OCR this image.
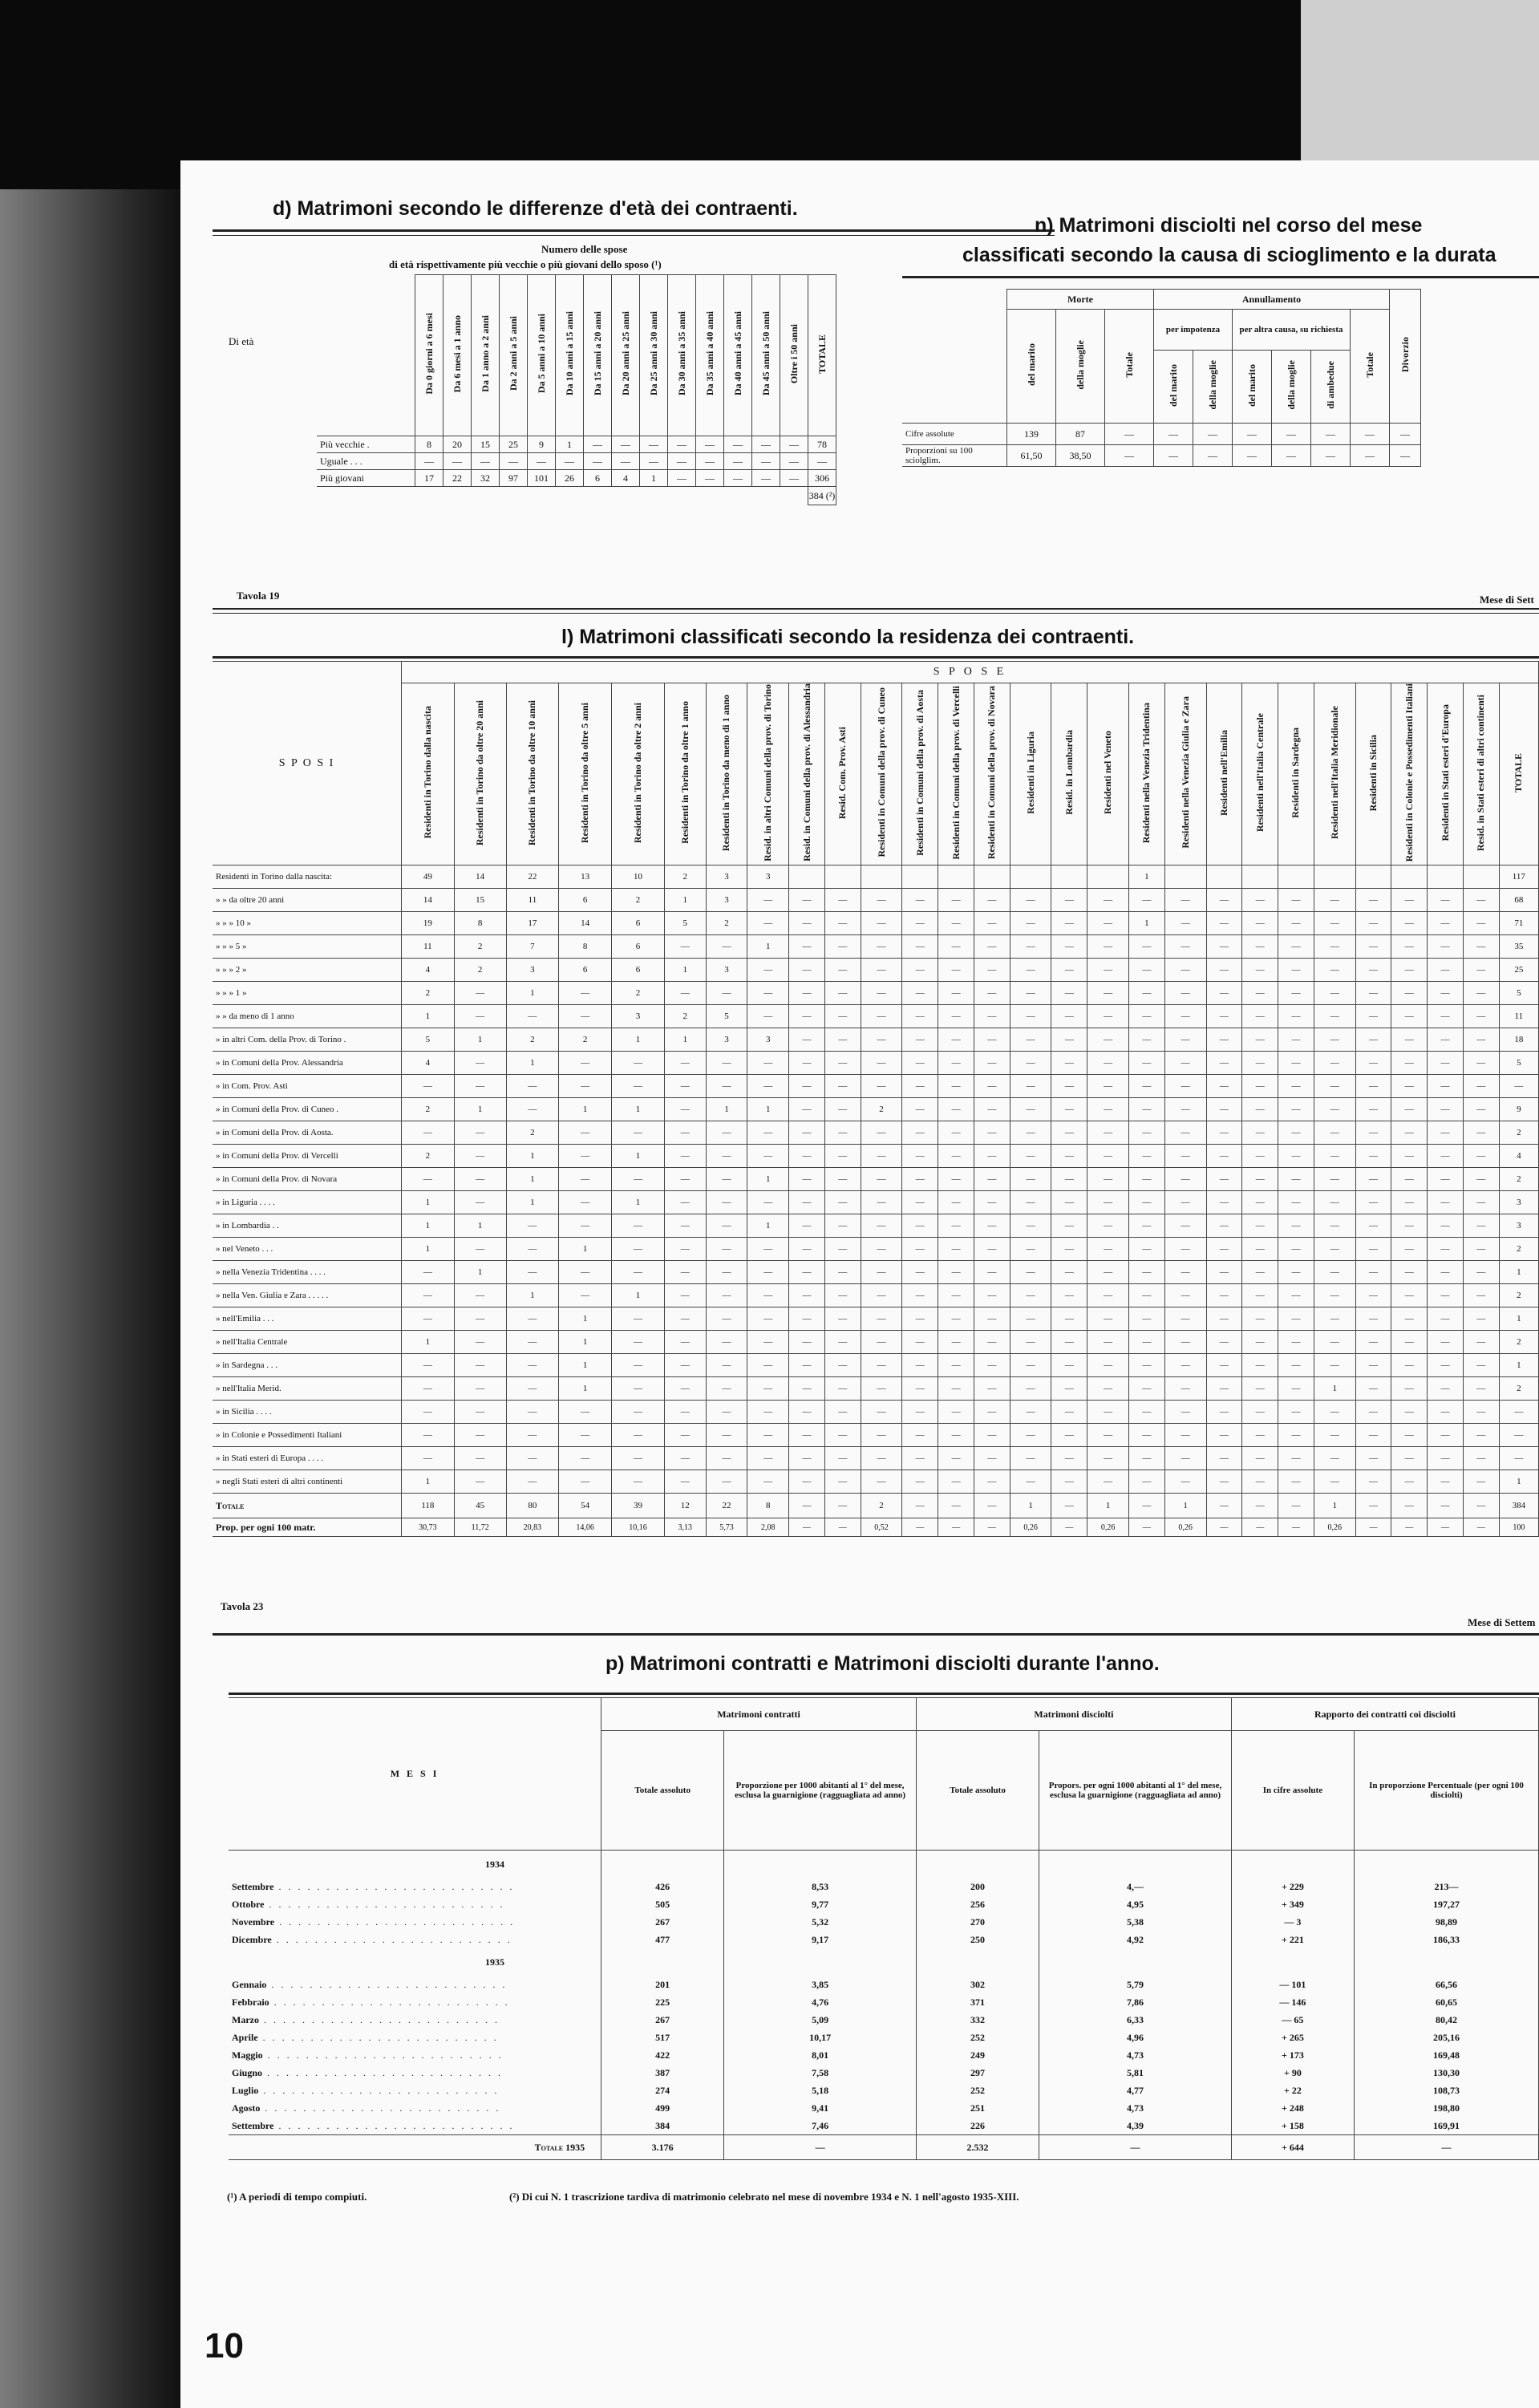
d) Matrimoni secondo le differenze d'età dei contraenti.
Numero delle spose
di età rispettivamente più vecchie o più giovani dello sposo (¹)
Di età
		Da 0 giorni a 6 mesi	Da 6 mesi a 1 anno	Da 1 anno a 2 anni	Da 2 anni a 5 anni	Da 5 anni a 10 anni	Da 10 anni a 15 anni	Da 15 anni a 20 anni	Da 20 anni a 25 anni	Da 25 anni a 30 anni	Da 30 anni a 35 anni	Da 35 anni a 40 anni	Da 40 anni a 45 anni	Da 45 anni a 50 anni	Oltre i 50 anni	TOTALE
Più vecchie .	8	20	15	25	9	1	—	—	—	—	—	—	—	—	78
Uguale . . .	—	—	—	—	—	—	—	—	—	—	—	—	—	—	—
Più giovani	17	22	32	97	101	26	6	4	1	—	—	—	—	—	306
															384 (²)
n) Matrimoni disciolti nel corso del mese
classificati secondo la causa di scioglimento e la durata
	Morte			Annullamento						Divorzio
	del marito	della moglie	Totale	per impotenza		per altra causa, su richiesta			Totale	
				del marito	della moglie	del marito	della moglie	di ambedue		
Cifre assolute	139	87	—	—	—	—	—	—	—	—
Proporzioni su 100 sciolglim.	61,50	38,50	—	—	—	—	—	—	—	—
Tavola 19	Mese di Sett
l) Matrimoni classificati secondo la residenza dei contraenti.
S P O S I	S P O S E																											
	Residenti in Torino dalla nascita	Residenti in Torino da oltre 20 anni	Residenti in Torino da oltre 10 anni	Residenti in Torino da oltre 5 anni	Residenti in Torino da oltre 2 anni	Residenti in Torino da oltre 1 anno	Residenti in Torino da meno di 1 anno	Resid. in altri Comuni della prov. di Torino	Resid. in Comuni della prov. di Alessandria	Resid. Com. Prov. Asti	Residenti in Comuni della prov. di Cuneo	Residenti in Comuni della prov. di Aosta	Residenti in Comuni della prov. di Vercelli	Residenti in Comuni della prov. di Novara	Residenti in Liguria	Resid. in Lombardia	Residenti nel Veneto	Residenti nella Venezia Tridentina	Residenti nella Venezia Giulia e Zara	Residenti nell'Emilia	Residenti nell'Italia Centrale	Residenti in Sardegna	Residenti nell'Italia Meridionale	Residenti in Sicilia	Residenti in Colonie e Possedimenti Italiani	Residenti in Stati esteri d'Europa	Resid. in Stati esteri di altri continenti	TOTALE
Residenti in Torino dalla nascita:	49	14	22	13	10	2	3	3										1										117
» » da oltre 20 anni	14	15	11	6	2	1	3	—	—	—	—	—	—	—	—	—	—	—	—	—	—	—	—	—	—	—	—	68
» » » 10 »	19	8	17	14	6	5	2	—	—	—	—	—	—	—	—	—	—	1	—	—	—	—	—	—	—	—	—	71
» » » 5 »	11	2	7	8	6	—	—	1	—	—	—	—	—	—	—	—	—	—	—	—	—	—	—	—	—	—	—	35
» » » 2 »	4	2	3	6	6	1	3	—	—	—	—	—	—	—	—	—	—	—	—	—	—	—	—	—	—	—	—	25
» » » 1 »	2	—	1	—	2	—	—	—	—	—	—	—	—	—	—	—	—	—	—	—	—	—	—	—	—	—	—	5
» » da meno di 1 anno	1	—	—	—	3	2	5	—	—	—	—	—	—	—	—	—	—	—	—	—	—	—	—	—	—	—	—	11
» in altri Com. della Prov. di Torino .	5	1	2	2	1	1	3	3	—	—	—	—	—	—	—	—	—	—	—	—	—	—	—	—	—	—	—	18
» in Comuni della Prov. Alessandria	4	—	1	—	—	—	—	—	—	—	—	—	—	—	—	—	—	—	—	—	—	—	—	—	—	—	—	5
» in Com. Prov. Asti	—	—	—	—	—	—	—	—	—	—	—	—	—	—	—	—	—	—	—	—	—	—	—	—	—	—	—	—
» in Comuni della Prov. di Cuneo .	2	1	—	1	1	—	1	1	—	—	2	—	—	—	—	—	—	—	—	—	—	—	—	—	—	—	—	9
» in Comuni della Prov. di Aosta.	—	—	2	—	—	—	—	—	—	—	—	—	—	—	—	—	—	—	—	—	—	—	—	—	—	—	—	2
» in Comuni della Prov. di Vercelli	2	—	1	—	1	—	—	—	—	—	—	—	—	—	—	—	—	—	—	—	—	—	—	—	—	—	—	4
» in Comuni della Prov. di Novara	—	—	1	—	—	—	—	1	—	—	—	—	—	—	—	—	—	—	—	—	—	—	—	—	—	—	—	2
» in Liguria . . . .	1	—	1	—	1	—	—	—	—	—	—	—	—	—	—	—	—	—	—	—	—	—	—	—	—	—	—	3
» in Lombardia . .	1	1	—	—	—	—	—	1	—	—	—	—	—	—	—	—	—	—	—	—	—	—	—	—	—	—	—	3
» nel Veneto . . .	1	—	—	1	—	—	—	—	—	—	—	—	—	—	—	—	—	—	—	—	—	—	—	—	—	—	—	2
» nella Venezia Tridentina . . . .	—	1	—	—	—	—	—	—	—	—	—	—	—	—	—	—	—	—	—	—	—	—	—	—	—	—	—	1
» nella Ven. Giulia e Zara . . . . .	—	—	1	—	1	—	—	—	—	—	—	—	—	—	—	—	—	—	—	—	—	—	—	—	—	—	—	2
» nell'Emilia . . .	—	—	—	1	—	—	—	—	—	—	—	—	—	—	—	—	—	—	—	—	—	—	—	—	—	—	—	1
» nell'Italia Centrale	1	—	—	1	—	—	—	—	—	—	—	—	—	—	—	—	—	—	—	—	—	—	—	—	—	—	—	2
» in Sardegna . . .	—	—	—	1	—	—	—	—	—	—	—	—	—	—	—	—	—	—	—	—	—	—	—	—	—	—	—	1
» nell'Italia Merid.	—	—	—	1	—	—	—	—	—	—	—	—	—	—	—	—	—	—	—	—	—	—	1	—	—	—	—	2
» in Sicilia . . . .	—	—	—	—	—	—	—	—	—	—	—	—	—	—	—	—	—	—	—	—	—	—	—	—	—	—	—	—
» in Colonie e Possedimenti Italiani	—	—	—	—	—	—	—	—	—	—	—	—	—	—	—	—	—	—	—	—	—	—	—	—	—	—	—	—
» in Stati esteri di Europa . . . .	—	—	—	—	—	—	—	—	—	—	—	—	—	—	—	—	—	—	—	—	—	—	—	—	—	—	—	—
» negli Stati esteri di altri continenti	1	—	—	—	—	—	—	—	—	—	—	—	—	—	—	—	—	—	—	—	—	—	—	—	—	—	—	1
Totale	118	45	80	54	39	12	22	8	—	—	2	—	—	—	1	—	1	—	1	—	—	—	1	—	—	—	—	384
Prop. per ogni 100 matr.	30,73	11,72	20,83	14,06	10,16	3,13	5,73	2,08	—	—	0,52	—	—	—	0,26	—	0,26	—	0,26	—	—	—	0,26	—	—	—	—	100
Tavola 23
Mese di Settem
p) Matrimoni contratti e Matrimoni disciolti durante l'anno.
M E S I	Matrimoni contratti		Matrimoni disciolti		Rapporto dei contratti coi disciolti	
	Totale assoluto	Proporzione per 1000 abitanti al 1° del mese, esclusa la guarnigione (ragguagliata ad anno)	Totale assoluto	Propors. per ogni 1000 abitanti al 1° del mese, esclusa la guarnigione (ragguagliata ad anno)	In cifre assolute	In proporzione Percentuale (per ogni 100 disciolti)
1934						
Settembre . . . . . . . . . . . . . . . . . . . . . . . . .	426	8,53	200	4,—	+ 229	213—
Ottobre . . . . . . . . . . . . . . . . . . . . . . . . .	505	9,77	256	4,95	+ 349	197,27
Novembre . . . . . . . . . . . . . . . . . . . . . . . . .	267	5,32	270	5,38	— 3	98,89
Dicembre . . . . . . . . . . . . . . . . . . . . . . . . .	477	9,17	250	4,92	+ 221	186,33
1935						
Gennaio . . . . . . . . . . . . . . . . . . . . . . . . .	201	3,85	302	5,79	— 101	66,56
Febbraio . . . . . . . . . . . . . . . . . . . . . . . . .	225	4,76	371	7,86	— 146	60,65
Marzo . . . . . . . . . . . . . . . . . . . . . . . . .	267	5,09	332	6,33	— 65	80,42
Aprile . . . . . . . . . . . . . . . . . . . . . . . . .	517	10,17	252	4,96	+ 265	205,16
Maggio . . . . . . . . . . . . . . . . . . . . . . . . .	422	8,01	249	4,73	+ 173	169,48
Giugno . . . . . . . . . . . . . . . . . . . . . . . . .	387	7,58	297	5,81	+ 90	130,30
Luglio . . . . . . . . . . . . . . . . . . . . . . . . .	274	5,18	252	4,77	+ 22	108,73
Agosto . . . . . . . . . . . . . . . . . . . . . . . . .	499	9,41	251	4,73	+ 248	198,80
Settembre . . . . . . . . . . . . . . . . . . . . . . . . .	384	7,46	226	4,39	+ 158	169,91
Totale 1935	3.176	—	2.532	—	+ 644	—
(¹) A periodi di tempo compiuti.	(²) Di cui N. 1 trascrizione tardiva di matrimonio celebrato nel mese di novembre 1934 e N. 1 nell'agosto 1935-XIII.
10
